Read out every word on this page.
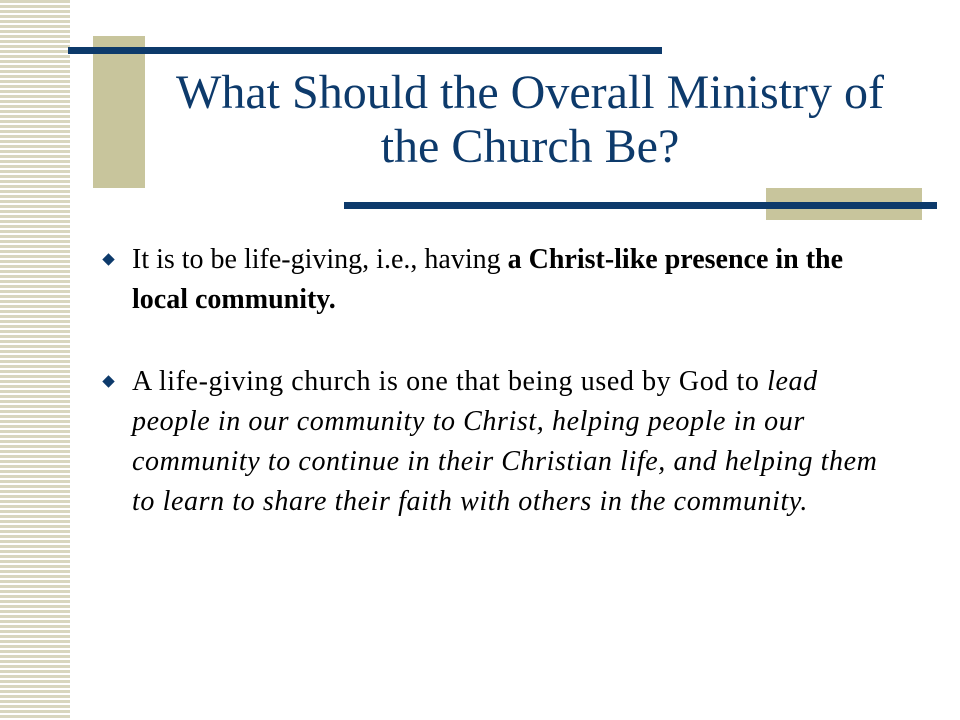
What Should the Overall Ministry of the Church Be?
It is to be life-giving, i.e., having a Christ-like presence in the local community.
A life-giving church is one that being used by God to lead people in our community to Christ, helping people in our community to continue in their Christian life, and helping them to learn to share their faith with others in the community.
